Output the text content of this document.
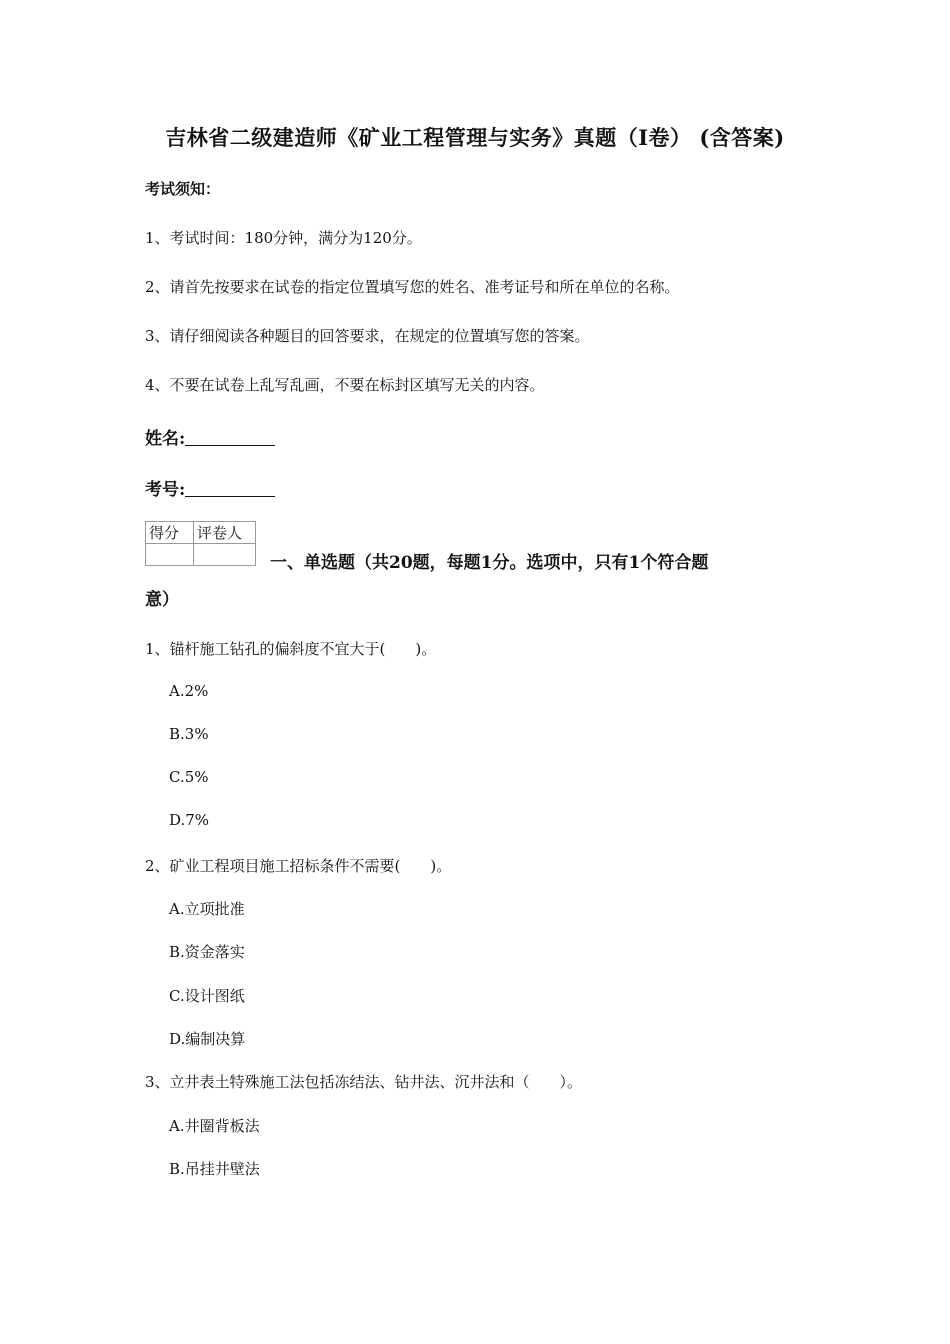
吉林省二级建造师《矿业工程管理与实务》真题（I卷） (含答案)
考试须知：
1、考试时间：180分钟，满分为120分。
2、请首先按要求在试卷的指定位置填写您的姓名、准考证号和所在单位的名称。
3、请仔细阅读各种题目的回答要求，在规定的位置填写您的答案。
4、不要在试卷上乱写乱画，不要在标封区填写无关的内容。
姓名:
考号:
得分	评卷人

一、单选题（共20题，每题1分。选项中，只有1个符合题
意）
1、锚杆施工钻孔的偏斜度不宜大于(　　)。
A.2%
B.3%
C.5%
D.7%
2、矿业工程项目施工招标条件不需要(　　)。
A.立项批准
B.资金落实
C.设计图纸
D.编制决算
3、立井表土特殊施工法包括冻结法、钻井法、沉井法和（　　）。
A.井圈背板法
B.吊挂井壁法
